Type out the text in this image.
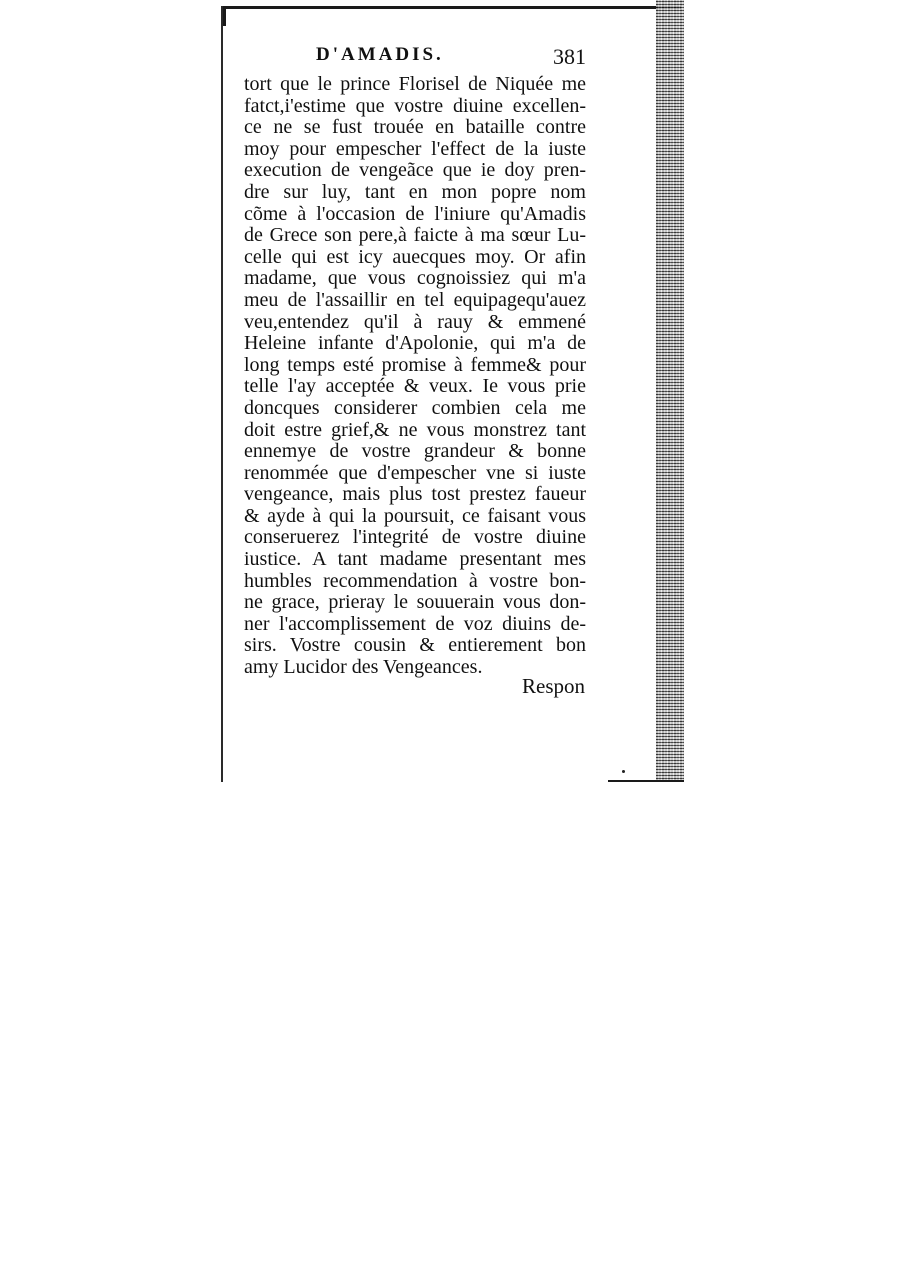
D'AMADIS.	381
tort que le prince Florisel de Niquée me
fatct,i'estime que vostre diuine excellen-
ce ne se fust trouée en bataille contre
moy pour empescher l'effect de la iuste
execution de vengeãce que ie doy pren-
dre sur luy, tant en mon popre nom
cõme à l'occasion de l'iniure qu'Amadis
de Grece son pere,à faicte à ma sœur Lu-
celle qui est icy auecques moy. Or afin
madame, que vous cognoissiez qui m'a
meu de l'assaillir en tel equipagequ'auez
veu,entendez qu'il à rauy & emmené
Heleine infante d'Apolonie, qui m'a de
long temps esté promise à femme& pour
telle l'ay acceptée & veux. Ie vous prie
doncques considerer combien cela me
doit estre grief,& ne vous monstrez tant
ennemye de vostre grandeur & bonne
renommée que d'empescher vne si iuste
vengeance, mais plus tost prestez faueur
& ayde à qui la poursuit, ce faisant vous
conseruerez l'integrité de vostre diuine
iustice. A tant madame presentant mes
humbles recommendation à vostre bon-
ne grace, prieray le souuerain vous don-
ner l'accomplissement de voz diuins de-
sirs. Vostre cousin & entierement bon
amy Lucidor des Vengeances.
Respon
